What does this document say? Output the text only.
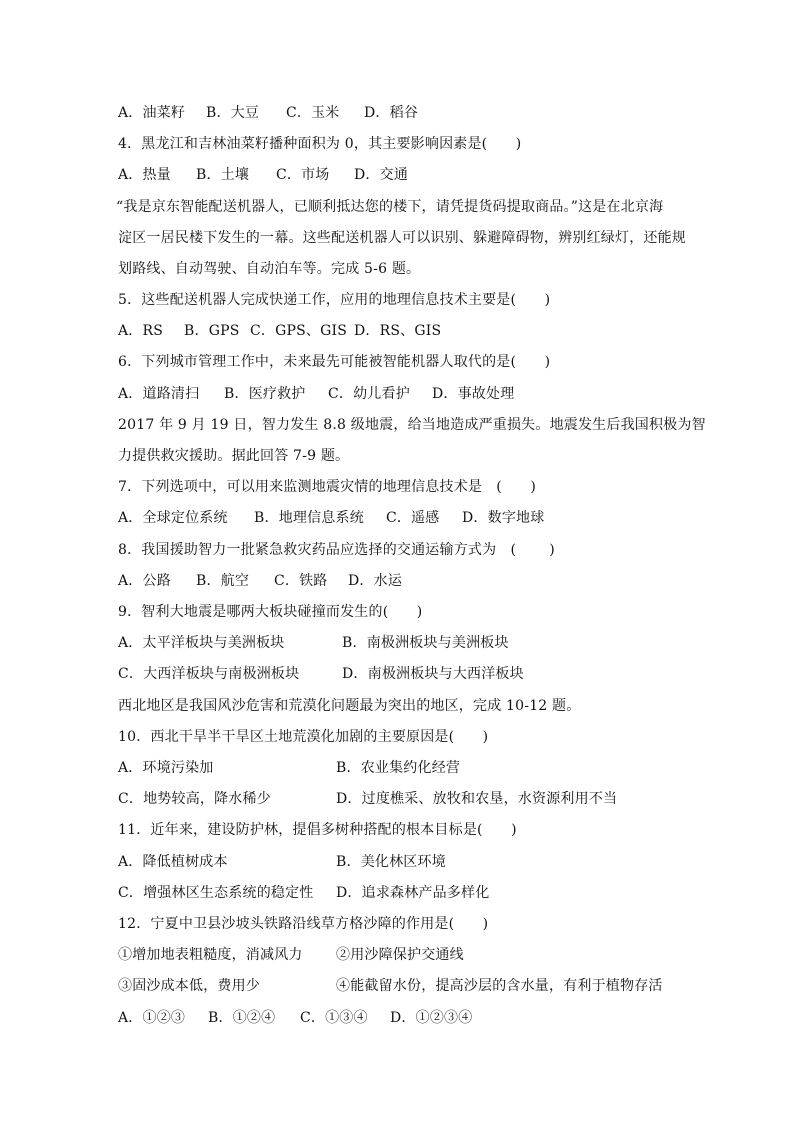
A．油菜籽 B．大豆 C．玉米 D．稻谷
4．黑龙江和吉林油菜籽播种面积为 0，其主要影响因素是(　　)
A．热量 B．土壤 C．市场 D．交通
“我是京东智能配送机器人，已顺利抵达您的楼下，请凭提货码提取商品。”这是在北京海
淀区一居民楼下发生的一幕。这些配送机器人可以识别、躲避障碍物，辨别红绿灯，还能规
划路线、自动驾驶、自动泊车等。完成 5-6 题。
5．这些配送机器人完成快递工作，应用的地理信息技术主要是(　　)
A．RS B．GPS C．GPS、GIS D．RS、GIS
6．下列城市管理工作中，未来最先可能被智能机器人取代的是(　　)
A．道路清扫 B．医疗救护 C．幼儿看护 D．事故处理
2017 年 9 月 19 日，智力发生 8.8 级地震，给当地造成严重损失。地震发生后我国积极为智
力提供救灾援助。据此回答 7-9 题。
7．下列选项中，可以用来监测地震灾情的地理信息技术是　(　　)
A．全球定位系统 B．地理信息系统 C．遥感 D．数字地球
8．我国援助智力一批紧急救灾药品应选择的交通运输方式为　(　　 )
A．公路 B．航空 C．铁路 D．水运
9．智利大地震是哪两大板块碰撞而发生的(　　)
A．太平洋板块与美洲板块	B．南极洲板块与美洲板块
C．大西洋板块与南极洲板块	D．南极洲板块与大西洋板块
西北地区是我国风沙危害和荒漠化问题最为突出的地区，完成 10-12 题。
10．西北干旱半干旱区土地荒漠化加剧的主要原因是(　　)
A．环境污染加	B．农业集约化经营
C．地势较高，降水稀少	D．过度樵采、放牧和农垦，水资源利用不当
11．近年来，建设防护林，提倡多树种搭配的根本目标是(　　)
A．降低植树成本	B．美化林区环境
C．增强林区生态系统的稳定性 D．追求森林产品多样化
12．宁夏中卫县沙坡头铁路沿线草方格沙障的作用是(　　)
①增加地表粗糙度，消减风力 ②用沙障保护交通线
③固沙成本低，费用少	④能截留水份，提高沙层的含水量，有利于植物存活
A．①②③ B．①②④ C．①③④ D．①②③④
